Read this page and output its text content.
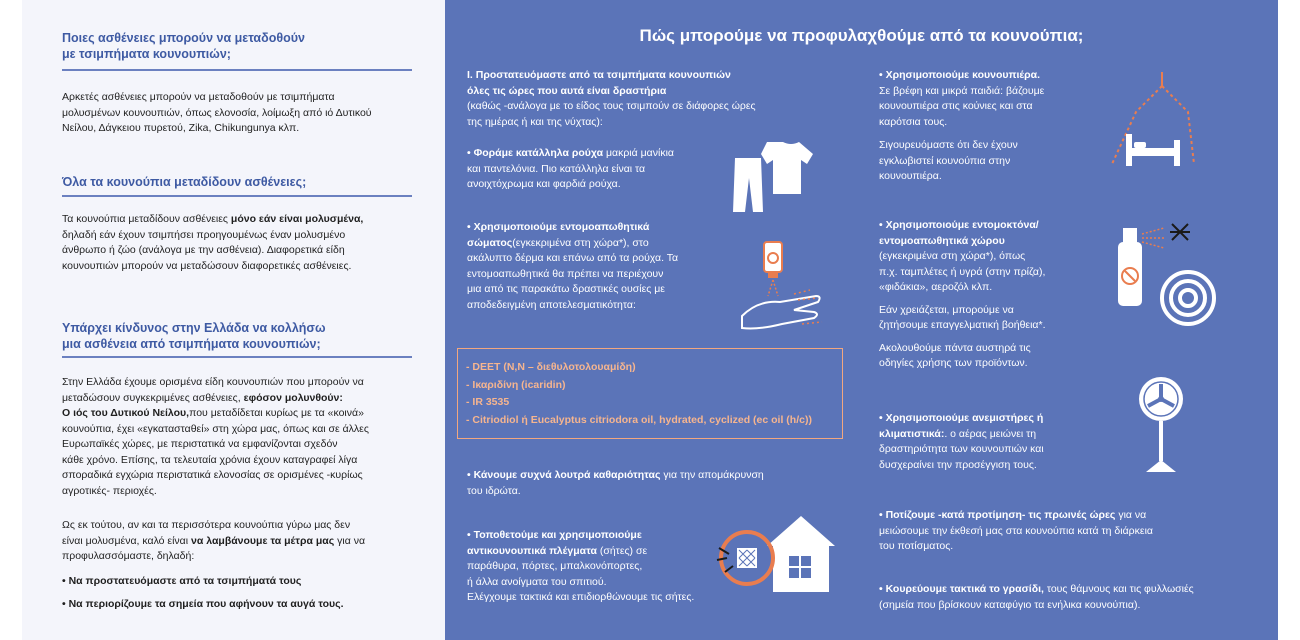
Ποιες ασθένειες μπορούν να μεταδοθούν
με τσιμπήματα κουνουπιών;
Αρκετές ασθένειες μπορούν να μεταδοθούν με τσιμπήματα
μολυσμένων κουνουπιών, όπως ελονοσία, λοίμωξη από ιό Δυτικού
Νείλου, Δάγκειου πυρετού, Zika, Chikungunya κλπ.
Όλα τα κουνούπια μεταδίδουν ασθένειες;
Τα κουνούπια μεταδίδουν ασθένειες μόνο εάν είναι μολυσμένα,
δηλαδή εάν έχουν τσιμπήσει προηγουμένως έναν μολυσμένο
άνθρωπο ή ζώο (ανάλογα με την ασθένεια). Διαφορετικά είδη
κουνουπιών μπορούν να μεταδώσουν διαφορετικές ασθένειες.
Υπάρχει κίνδυνος στην Ελλάδα να κολλήσω
μια ασθένεια από τσιμπήματα κουνουπιών;
Στην Ελλάδα έχουμε ορισμένα είδη κουνουπιών που μπορούν να
μεταδώσουν συγκεκριμένες ασθένειες, εφόσον μολυνθούν:
Ο ιός του Δυτικού Νείλου,που μεταδίδεται κυρίως με τα «κοινά»
κουνούπια, έχει «εγκατασταθεί» στη χώρα μας, όπως και σε άλλες
Ευρωπαϊκές χώρες, με περιστατικά να εμφανίζονται σχεδόν
κάθε χρόνο. Επίσης, τα τελευταία χρόνια έχουν καταγραφεί λίγα
σποραδικά εγχώρια περιστατικά ελονοσίας σε ορισμένες -κυρίως
αγροτικές- περιοχές.
Ως εκ τούτου, αν και τα περισσότερα κουνούπια γύρω μας δεν
είναι μολυσμένα, καλό είναι να λαμβάνουμε τα μέτρα μας για να
προφυλασσόμαστε, δηλαδή:
• Να προστατευόμαστε από τα τσιμπήματά τους
• Να περιορίζουμε τα σημεία που αφήνουν τα αυγά τους.
Πώς μπορούμε να προφυλαχθούμε από τα κουνούπια;
I. Προστατευόμαστε από τα τσιμπήματα κουνουπιών
όλες τις ώρες που αυτά είναι δραστήρια
(καθώς -ανάλογα με το είδος τους τσιμπούν σε διάφορες ώρες
της ημέρας ή και της νύχτας):
• Φοράμε κατάλληλα ρούχα μακριά μανίκια
και παντελόνια. Πιο κατάλληλα είναι τα
ανοιχτόχρωμα και φαρδιά ρούχα.
• Χρησιμοποιούμε εντομοαπωθητικά
σώματος(εγκεκριμένα στη χώρα*), στο
ακάλυπτο δέρμα και επάνω από τα ρούχα. Τα
εντομοαπωθητικά θα πρέπει να περιέχουν
μια από τις παρακάτω δραστικές ουσίες με
αποδεδειγμένη αποτελεσματικότητα:
- DEET (N,N – διεθυλοτολουαμίδη)
- Ικαριδίνη (icaridin)
- IR 3535
- Citriodiol ή Eucalyptus citriodora oil, hydrated, cyclized (ec oil (h/c))
• Κάνουμε συχνά λουτρά καθαριότητας για την απομάκρυνση
του ιδρώτα.
• Τοποθετούμε και χρησιμοποιούμε
αντικουνουπικά πλέγματα (σήτες) σε
παράθυρα, πόρτες, μπαλκονόπορτες,
ή άλλα ανοίγματα του σπιτιού.
Ελέγχουμε τακτικά και επιδιορθώνουμε τις σήτες.
• Χρησιμοποιούμε κουνουπιέρα.
Σε βρέφη και μικρά παιδιά: βάζουμε
κουνουπιέρα στις κούνιες και στα
καρότσια τους.
Σιγουρευόμαστε ότι δεν έχουν
εγκλωβιστεί κουνούπια στην
κουνουπιέρα.
• Χρησιμοποιούμε εντομοκτόνα/
εντομοαπωθητικά χώρου
(εγκεκριμένα στη χώρα*), όπως
π.χ. ταμπλέτες ή υγρά (στην πρίζα),
«φιδάκια», αεροζόλ κλπ.
Εάν χρειάζεται, μπορούμε να
ζητήσουμε επαγγελματική βοήθεια*.
Ακολουθούμε πάντα αυστηρά τις
οδηγίες χρήσης των προϊόντων.
• Χρησιμοποιούμε ανεμιστήρες ή
κλιματιστικά:. ο αέρας μειώνει τη
δραστηριότητα των κουνουπιών και
δυσχεραίνει την προσέγγιση τους.
• Ποτίζουμε -κατά προτίμηση- τις πρωινές ώρες για να
μειώσουμε την έκθεσή μας στα κουνούπια κατά τη διάρκεια
του ποτίσματος.
• Κουρεύουμε τακτικά το γρασίδι, τους θάμνους και τις φυλλωσιές
(σημεία που βρίσκουν καταφύγιο τα ενήλικα κουνούπια).
